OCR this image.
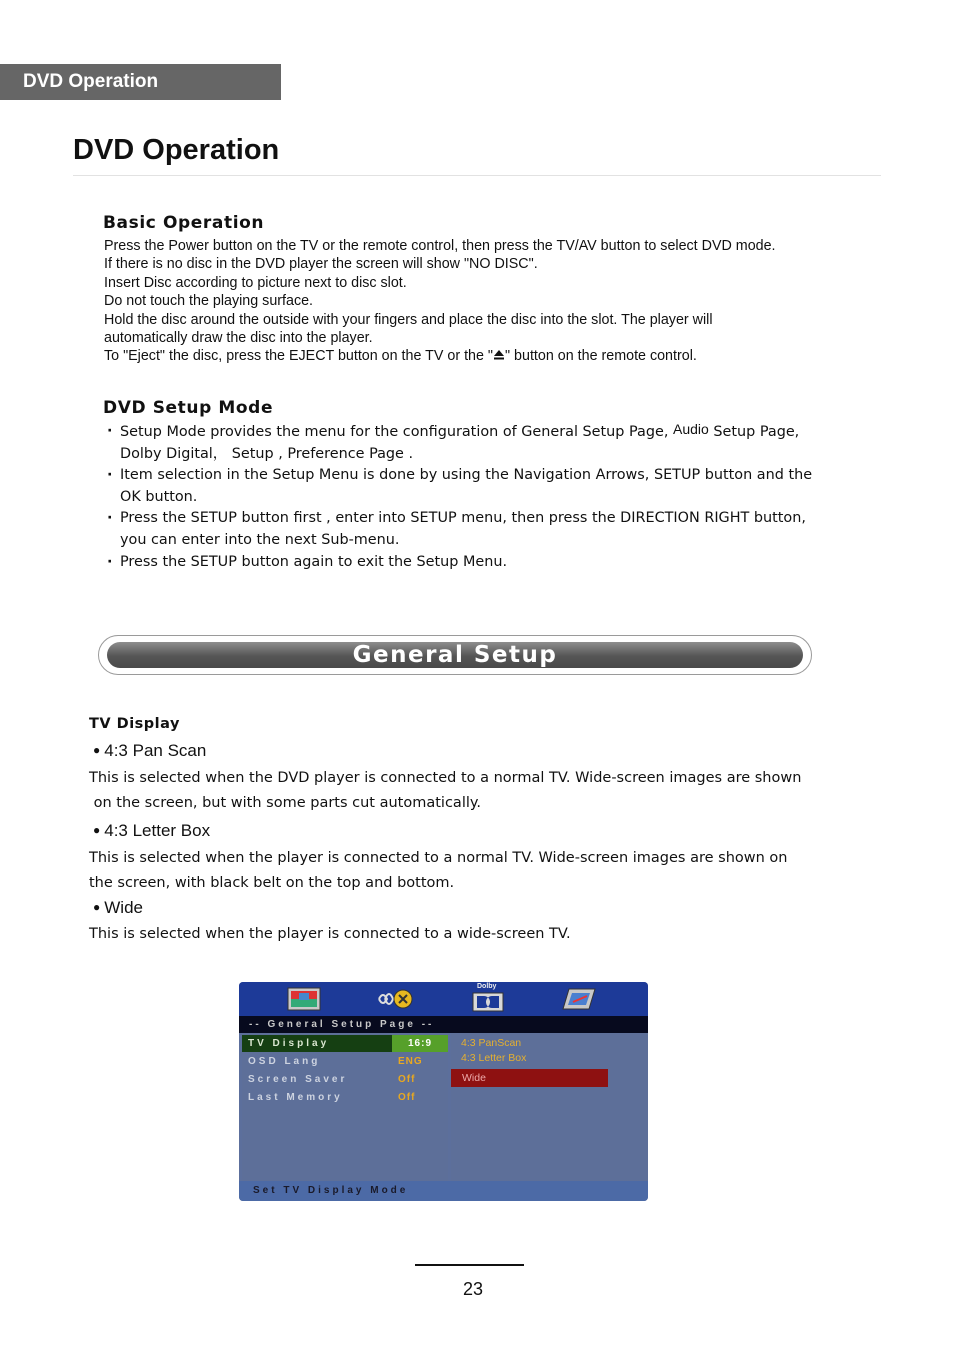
DVD Operation
DVD Operation
Basic Operation

Press the Power button on the TV or the remote control, then press the TV/AV button to select DVD mode.

If there is no disc in the DVD player the screen will show "NO DISC".

Insert Disc according to picture next to disc slot.

Do not touch the playing surface.

Hold the disc around the outside with your fingers and place the disc into the slot. The player will

automatically draw the disc into the player.

To "Eject" the disc, press the EJECT button on the TV or the " " button on the remote control.

DVD Setup Mode
· Setup Mode provides the menu for the configuration of General Setup Page, Audio Setup Page,
Dolby Digital， Setup , Preference Page .
· Item selection in the Setup Menu is done by using the Navigation Arrows, SETUP button and the
OK button.
· Press the SETUP button first , enter into SETUP menu, then press the DIRECTION RIGHT button,
you can enter into the next Sub-menu.
· Press the SETUP button again to exit the Setup Menu.
General Setup
TV Display
● 4:3 Pan Scan

This is selected when the DVD player is connected to a normal TV. Wide-screen images are shown
on the screen, but with some parts cut automatically.

● 4:3 Letter Box

This is selected when the player is connected to a normal TV. Wide-screen images are shown on
the screen, with black belt on the top and bottom.

● Wide

This is selected when the player is connected to a wide-screen TV.

Dolby
-- General Setup Page --
TV Display	16:9
OSD Lang	ENG
Screen Saver	Off
Last Memory	Off
4:3 PanScan
4:3 Letter Box
Wide
Set TV Display Mode
23
